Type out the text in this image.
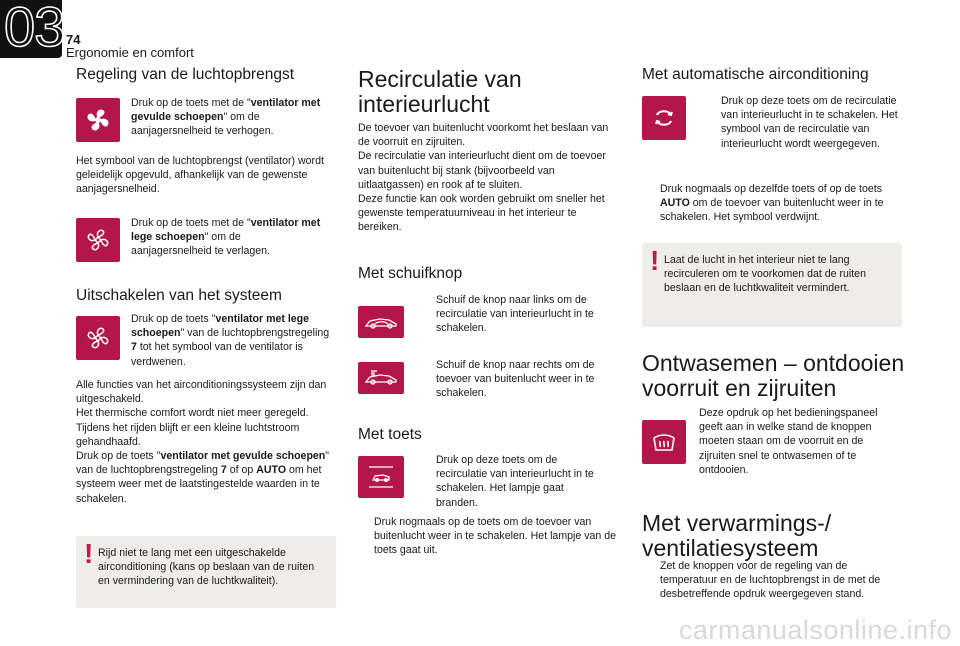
03 74
Ergonomie en comfort
Regeling van de luchtopbrengst
Druk op de toets met de "ventilator met gevulde schoepen" om de aanjagersnelheid te verhogen.
Het symbool van de luchtopbrengst (ventilator) wordt geleidelijk opgevuld, afhankelijk van de gewenste aanjagersnelheid.
Druk op de toets met de "ventilator met lege schoepen" om de aanjagersnelheid te verlagen.
Uitschakelen van het systeem
Druk op de toets "ventilator met lege schoepen" van de luchtopbrengstregeling 7 tot het symbool van de ventilator is verdwenen.
Alle functies van het airconditioningssysteem zijn dan uitgeschakeld.
Het thermische comfort wordt niet meer geregeld. Tijdens het rijden blijft er een kleine luchtstroom gehandhaafd.
Druk op de toets "ventilator met gevulde schoepen" van de luchtopbrengstregeling 7 of op AUTO om het systeem weer met de laatstingestelde waarden in te schakelen.
! Rijd niet te lang met een uitgeschakelde airconditioning (kans op beslaan van de ruiten en vermindering van de luchtkwaliteit).
Recirculatie van interieurlucht
De toevoer van buitenlucht voorkomt het beslaan van de voorruit en zijruiten.
De recirculatie van interieurlucht dient om de toevoer van buitenlucht bij stank (bijvoorbeeld van uitlaatgassen) en rook af te sluiten.
Deze functie kan ook worden gebruikt om sneller het gewenste temperatuurniveau in het interieur te bereiken.
Met schuifknop
Schuif de knop naar links om de recirculatie van interieurlucht in te schakelen.
Schuif de knop naar rechts om de toevoer van buitenlucht weer in te schakelen.
Met toets
Druk op deze toets om de recirculatie van interieurlucht in te schakelen. Het lampje gaat branden.
Druk nogmaals op de toets om de toevoer van buitenlucht weer in te schakelen. Het lampje van de toets gaat uit.
Met automatische airconditioning
Druk op deze toets om de recirculatie van interieurlucht in te schakelen. Het symbool van de recirculatie van interieurlucht wordt weergegeven.
Druk nogmaals op dezelfde toets of op de toets AUTO om de toevoer van buitenlucht weer in te schakelen. Het symbool verdwijnt.
! Laat de lucht in het interieur niet te lang recirculeren om te voorkomen dat de ruiten beslaan en de luchtkwaliteit vermindert.
Ontwasemen – ontdooien voorruit en zijruiten
Deze opdruk op het bedieningspaneel geeft aan in welke stand de knoppen moeten staan om de voorruit en de zijruiten snel te ontwasemen of te ontdooien.
Met verwarmings-/ ventilatiesysteem
Zet de knoppen voor de regeling van de temperatuur en de luchtopbrengst in de met de desbetreffende opdruk weergegeven stand.
carmanualsonline.info
